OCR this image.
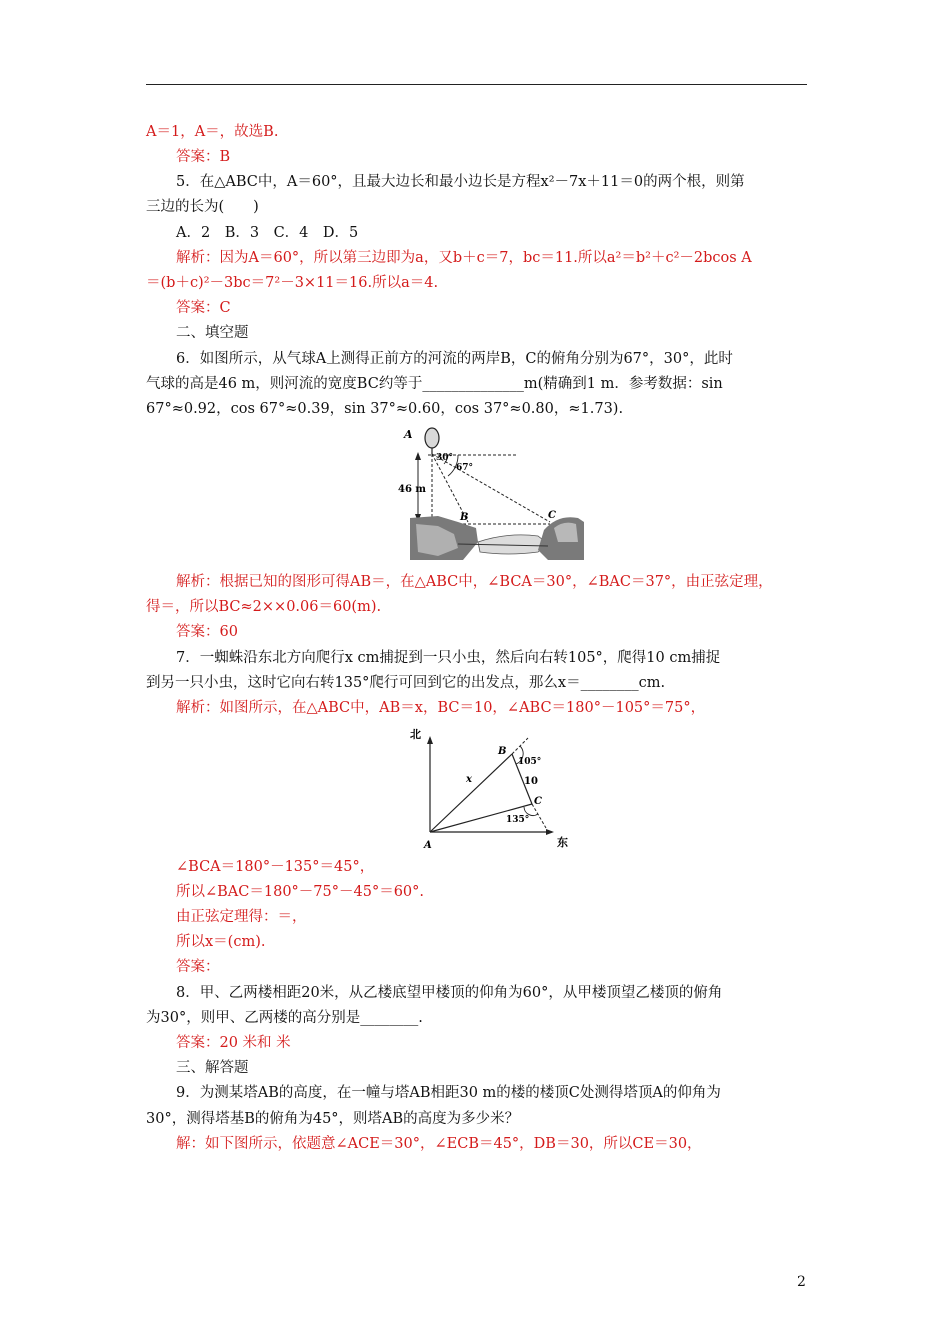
A＝1，A＝，故选B.
答案：B
5．在△ABC中，A＝60°，且最大边长和最小边长是方程x²－7x＋11＝0的两个根，则第
三边的长为(　　)
A．2　B．3　C．4　D．5
解析：因为A＝60°，所以第三边即为a，又b＋c＝7，bc＝11.所以a²＝b²＋c²－2bcos A
＝(b＋c)²－3bc＝7²－3×11＝16.所以a＝4.
答案：C
二、填空题
6．如图所示，从气球A上测得正前方的河流的两岸B，C的俯角分别为67°，30°，此时
气球的高是46 m，则河流的宽度BC约等于______________m(精确到1 m．参考数据：sin
67°≈0.92，cos 67°≈0.39，sin 37°≈0.60，cos 37°≈0.80，≈1.73).
解析：根据已知的图形可得AB＝，在△ABC中，∠BCA＝30°，∠BAC＝37°，由正弦定理，
得＝，所以BC≈2××0.06＝60(m).
答案：60
7．一蜘蛛沿东北方向爬行x cm捕捉到一只小虫，然后向右转105°，爬得10 cm捕捉
到另一只小虫，这时它向右转135°爬行可回到它的出发点，那么x＝________cm.
解析：如图所示，在△ABC中，AB＝x，BC＝10，∠ABC＝180°－105°＝75°，
∠BCA＝180°－135°＝45°，
所以∠BAC＝180°－75°－45°＝60°.
由正弦定理得：＝，
所以x＝(cm).
答案：
8．甲、乙两楼相距20米，从乙楼底望甲楼顶的仰角为60°，从甲楼顶望乙楼顶的俯角
为30°，则甲、乙两楼的高分别是________.
答案：20 米和 米
三、解答题
9．为测某塔AB的高度，在一幢与塔AB相距30 m的楼的楼顶C处测得塔顶A的仰角为
30°，测得塔基B的俯角为45°，则塔AB的高度为多少米？
解：如下图所示，依题意∠ACE＝30°，∠ECB＝45°，DB＝30，所以CE＝30，
A
46 m
30°
67°
B	C
北
东
A
B
C
x	10
105°
135°
2
